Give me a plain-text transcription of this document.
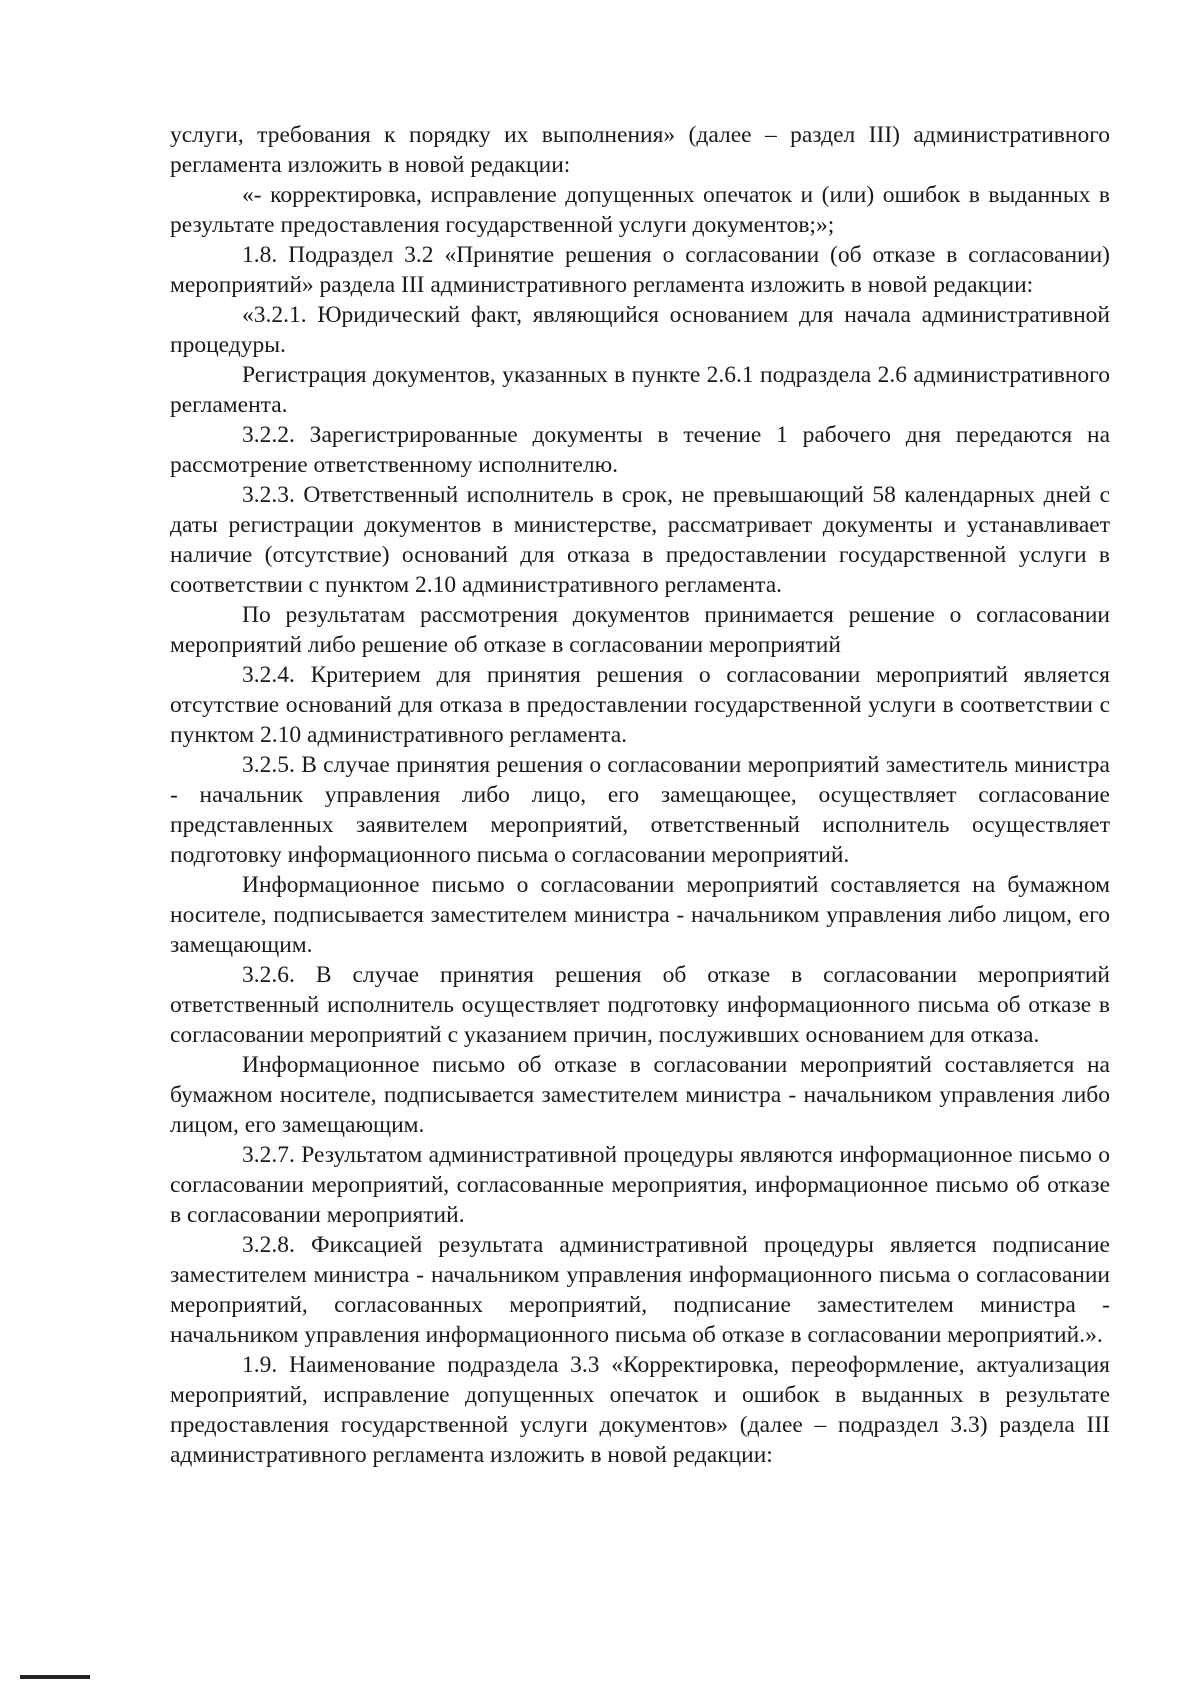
услуги, требования к порядку их выполнения» (далее – раздел III) административного регламента изложить в новой редакции:

«- корректировка, исправление допущенных опечаток и (или) ошибок в выданных в результате предоставления государственной услуги документов;»;

1.8. Подраздел 3.2 «Принятие решения о согласовании (об отказе в согласовании) мероприятий» раздела III административного регламента изложить в новой редакции:

«3.2.1. Юридический факт, являющийся основанием для начала административной процедуры.

Регистрация документов, указанных в пункте 2.6.1 подраздела 2.6 административного регламента.

3.2.2. Зарегистрированные документы в течение 1 рабочего дня передаются на рассмотрение ответственному исполнителю.

3.2.3. Ответственный исполнитель в срок, не превышающий 58 календарных дней с даты регистрации документов в министерстве, рассматривает документы и устанавливает наличие (отсутствие) оснований для отказа в предоставлении государственной услуги в соответствии с пунктом 2.10 административного регламента.

По результатам рассмотрения документов принимается решение о согласовании мероприятий либо решение об отказе в согласовании мероприятий

3.2.4. Критерием для принятия решения о согласовании мероприятий является отсутствие оснований для отказа в предоставлении государственной услуги в соответствии с пунктом 2.10 административного регламента.

3.2.5. В случае принятия решения о согласовании мероприятий заместитель министра - начальник управления либо лицо, его замещающее, осуществляет согласование представленных заявителем мероприятий, ответственный исполнитель осуществляет подготовку информационного письма о согласовании мероприятий.

Информационное письмо о согласовании мероприятий составляется на бумажном носителе, подписывается заместителем министра - начальником управления либо лицом, его замещающим.

3.2.6. В случае принятия решения об отказе в согласовании мероприятий ответственный исполнитель осуществляет подготовку информационного письма об отказе в согласовании мероприятий с указанием причин, послуживших основанием для отказа.

Информационное письмо об отказе в согласовании мероприятий составляется на бумажном носителе, подписывается заместителем министра - начальником управления либо лицом, его замещающим.

3.2.7. Результатом административной процедуры являются информационное письмо о согласовании мероприятий, согласованные мероприятия, информационное письмо об отказе в согласовании мероприятий.

3.2.8. Фиксацией результата административной процедуры является подписание заместителем министра - начальником управления информационного письма о согласовании мероприятий, согласованных мероприятий, подписание заместителем министра - начальником управления информационного письма об отказе в согласовании мероприятий.».

1.9. Наименование подраздела 3.3 «Корректировка, переоформление, актуализация мероприятий, исправление допущенных опечаток и ошибок в выданных в результате предоставления государственной услуги документов» (далее – подраздел 3.3) раздела III административного регламента изложить в новой редакции:
